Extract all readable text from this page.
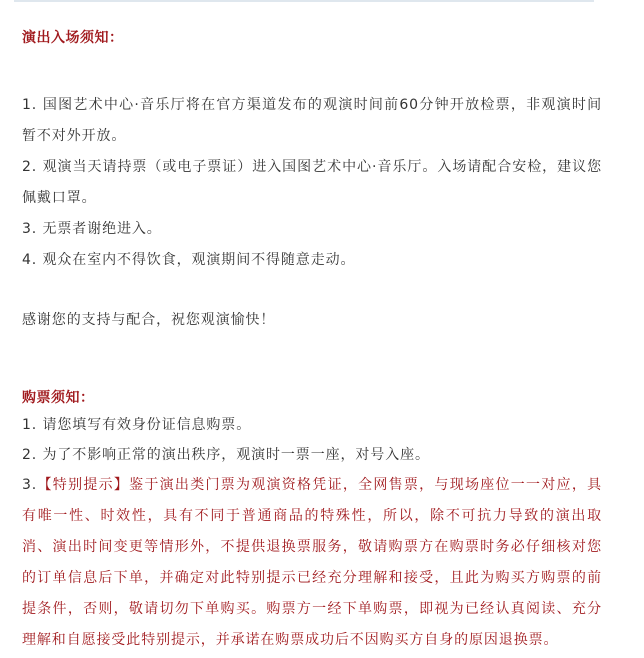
演出入场须知：

1. 国图艺术中心·音乐厅将在官方渠道发布的观演时间前60分钟开放检票，非观演时间暂不对外开放。

2. 观演当天请持票（或电子票证）进入国图艺术中心·音乐厅。入场请配合安检，建议您佩戴口罩。

3. 无票者谢绝进入。

4. 观众在室内不得饮食，观演期间不得随意走动。

感谢您的支持与配合，祝您观演愉快！

购票须知：

1. 请您填写有效身份证信息购票。

2. 为了不影响正常的演出秩序，观演时一票一座，对号入座。

3.【特别提示】鉴于演出类门票为观演资格凭证，全网售票，与现场座位一一对应，具有唯一性、时效性，具有不同于普通商品的特殊性，所以，除不可抗力导致的演出取消、演出时间变更等情形外，不提供退换票服务，敬请购票方在购票时务必仔细核对您的订单信息后下单，并确定对此特别提示已经充分理解和接受，且此为购买方购票的前提条件，否则，敬请切勿下单购买。购票方一经下单购票，即视为已经认真阅读、充分理解和自愿接受此特别提示，并承诺在购票成功后不因购买方自身的原因退换票。
